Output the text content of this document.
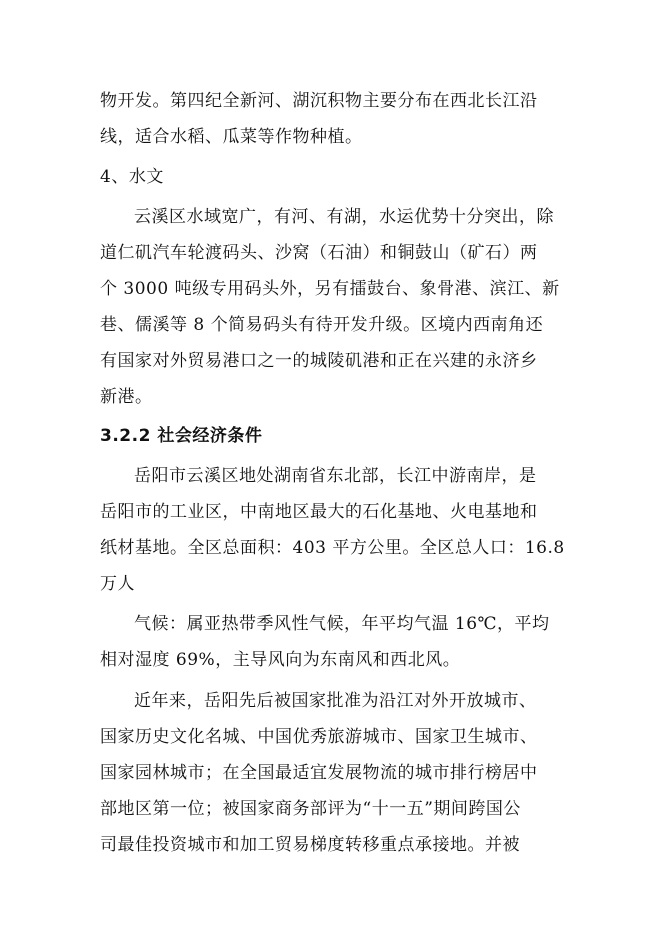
物开发。第四纪全新河、湖沉积物主要分布在西北长江沿
线，适合水稻、瓜菜等作物种植。
4、水文
云溪区水域宽广，有河、有湖，水运优势十分突出，除
道仁矶汽车轮渡码头、沙窝（石油）和铜鼓山（矿石）两
个 3000 吨级专用码头外，另有擂鼓台、象骨港、滨江、新
巷、儒溪等 8 个简易码头有待开发升级。区境内西南角还
有国家对外贸易港口之一的城陵矶港和正在兴建的永济乡
新港。
3.2.2 社会经济条件
岳阳市云溪区地处湖南省东北部，长江中游南岸，是
岳阳市的工业区，中南地区最大的石化基地、火电基地和
纸材基地。全区总面积：403 平方公里。全区总人口：16.8
万人
气候：属亚热带季风性气候，年平均气温 16℃，平均
相对湿度 69%，主导风向为东南风和西北风。
近年来，岳阳先后被国家批准为沿江对外开放城市、
国家历史文化名城、中国优秀旅游城市、国家卫生城市、
国家园林城市；在全国最适宜发展物流的城市排行榜居中
部地区第一位；被国家商务部评为“十一五”期间跨国公
司最佳投资城市和加工贸易梯度转移重点承接地。并被
